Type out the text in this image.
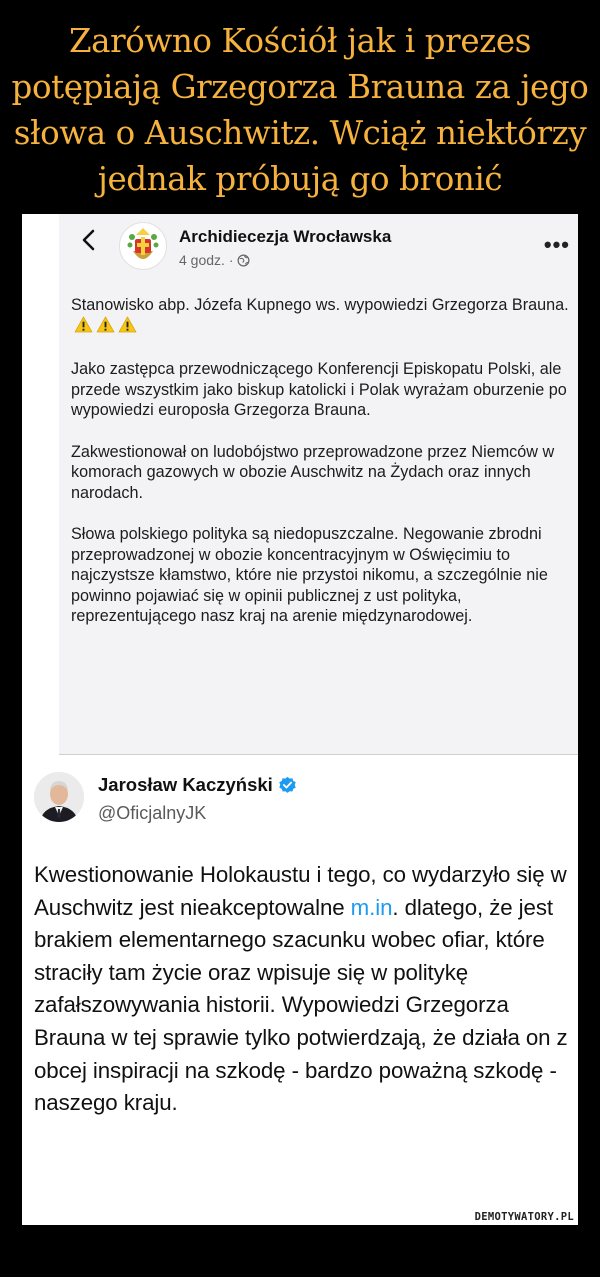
Zarówno Kościół jak i prezes potępiają Grzegorza Brauna za jego słowa o Auschwitz. Wciąż niektórzy jednak próbują go bronić
Archidiecezja Wrocławska
4 godz. ·
•••

Stanowisko abp. Józefa Kupnego ws. wypowiedzi Grzegorza Brauna.

Jako zastępca przewodniczącego Konferencji Episkopatu Polski, ale przede wszystkim jako biskup katolicki i Polak wyrażam oburzenie po wypowiedzi europosła Grzegorza Brauna.

Zakwestionował on ludobójstwo przeprowadzone przez Niemców w komorach gazowych w obozie Auschwitz na Żydach oraz innych narodach.

Słowa polskiego polityka są niedopuszczalne. Negowanie zbrodni przeprowadzonej w obozie koncentracyjnym w Oświęcimiu to najczystsze kłamstwo, które nie przystoi nikomu, a szczególnie nie powinno pojawiać się w opinii publicznej z ust polityka, reprezentującego nasz kraj na arenie międzynarodowej.

Jarosław Kaczyński
@OficjalnyJK

Kwestionowanie Holokaustu i tego, co wydarzyło się w Auschwitz jest nieakceptowalne m.in. dlatego, że jest brakiem elementarnego szacunku wobec ofiar, które straciły tam życie oraz wpisuje się w politykę zafałszowywania historii. Wypowiedzi Grzegorza Brauna w tej sprawie tylko potwierdzają, że działa on z obcej inspiracji na szkodę - bardzo poważną szkodę - naszego kraju.

DEMOTYWATORY.PL
